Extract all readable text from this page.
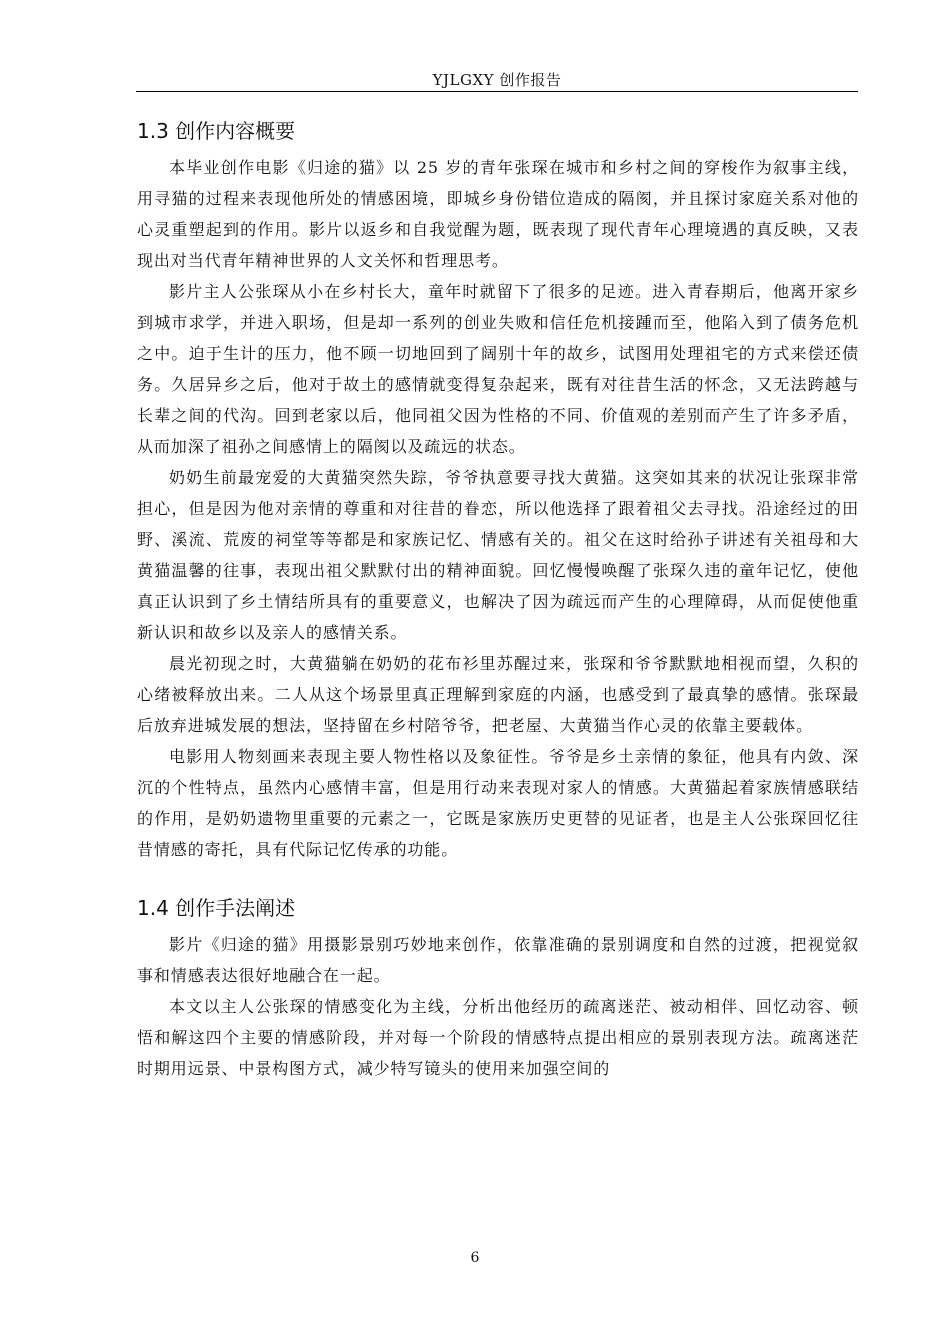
YJLGXY 创作报告
1.3 创作内容概要

本毕业创作电影《归途的猫》以 25 岁的青年张琛在城市和乡村之间的穿梭作为叙事主线，用寻猫的过程来表现他所处的情感困境，即城乡身份错位造成的隔阂，并且探讨家庭关系对他的心灵重塑起到的作用。影片以返乡和自我觉醒为题，既表现了现代青年心理境遇的真反映，又表现出对当代青年精神世界的人文关怀和哲理思考。

影片主人公张琛从小在乡村长大，童年时就留下了很多的足迹。进入青春期后，他离开家乡到城市求学，并进入职场，但是却一系列的创业失败和信任危机接踵而至，他陷入到了债务危机之中。迫于生计的压力，他不顾一切地回到了阔别十年的故乡，试图用处理祖宅的方式来偿还债务。久居异乡之后，他对于故土的感情就变得复杂起来，既有对往昔生活的怀念，又无法跨越与长辈之间的代沟。回到老家以后，他同祖父因为性格的不同、价值观的差别而产生了许多矛盾，从而加深了祖孙之间感情上的隔阂以及疏远的状态。

奶奶生前最宠爱的大黄猫突然失踪，爷爷执意要寻找大黄猫。这突如其来的状况让张琛非常担心，但是因为他对亲情的尊重和对往昔的眷恋，所以他选择了跟着祖父去寻找。沿途经过的田野、溪流、荒废的祠堂等等都是和家族记忆、情感有关的。祖父在这时给孙子讲述有关祖母和大黄猫温馨的往事，表现出祖父默默付出的精神面貌。回忆慢慢唤醒了张琛久违的童年记忆，使他真正认识到了乡土情结所具有的重要意义，也解决了因为疏远而产生的心理障碍，从而促使他重新认识和故乡以及亲人的感情关系。

晨光初现之时，大黄猫躺在奶奶的花布衫里苏醒过来，张琛和爷爷默默地相视而望，久积的心绪被释放出来。二人从这个场景里真正理解到家庭的内涵，也感受到了最真挚的感情。张琛最后放弃进城发展的想法，坚持留在乡村陪爷爷，把老屋、大黄猫当作心灵的依靠主要载体。

电影用人物刻画来表现主要人物性格以及象征性。爷爷是乡土亲情的象征，他具有内敛、深沉的个性特点，虽然内心感情丰富，但是用行动来表现对家人的情感。大黄猫起着家族情感联结的作用，是奶奶遗物里重要的元素之一，它既是家族历史更替的见证者，也是主人公张琛回忆往昔情感的寄托，具有代际记忆传承的功能。

1.4 创作手法阐述

影片《归途的猫》用摄影景别巧妙地来创作，依靠准确的景别调度和自然的过渡，把视觉叙事和情感表达很好地融合在一起。

本文以主人公张琛的情感变化为主线，分析出他经历的疏离迷茫、被动相伴、回忆动容、顿悟和解这四个主要的情感阶段，并对每一个阶段的情感特点提出相应的景别表现方法。疏离迷茫时期用远景、中景构图方式，减少特写镜头的使用来加强空间的

6
